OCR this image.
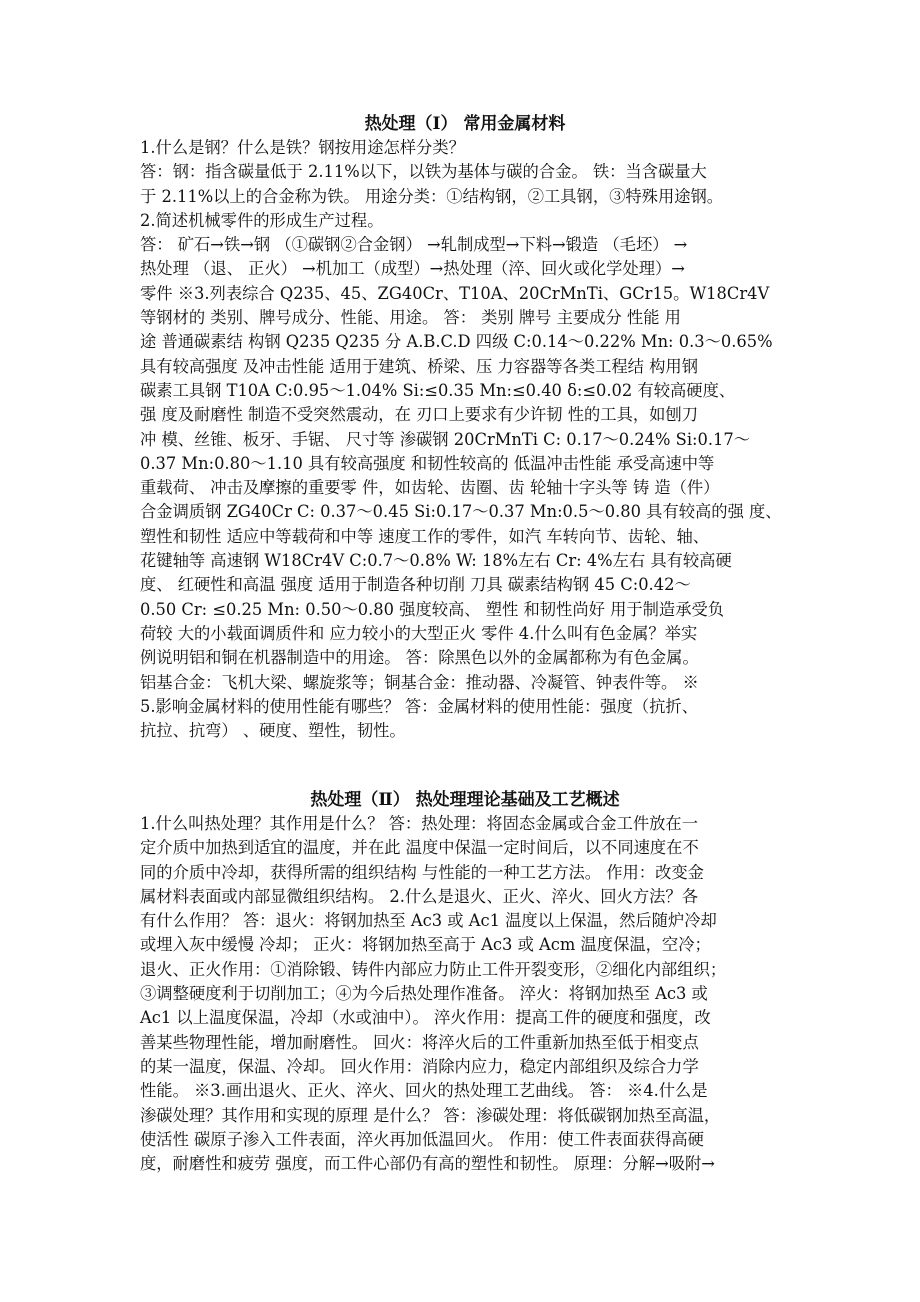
热处理（Ⅰ） 常用金属材料
1.什么是钢？什么是铁？钢按用途怎样分类？
答：钢：指含碳量低于 2.11%以下，以铁为基体与碳的合金。 铁：当含碳量大
于 2.11%以上的合金称为铁。 用途分类：①结构钢，②工具钢，③特殊用途钢。
2.简述机械零件的形成生产过程。
答： 矿石→铁→钢 （①碳钢②合金钢） →轧制成型→下料→锻造 （毛坯） →
热处理 （退、 正火） →机加工（成型）→热处理（淬、回火或化学处理）→
零件 ※3.列表综合 Q235、45、ZG40Cr、T10A、20CrMnTi、GCr15。W18Cr4V
等钢材的 类别、牌号成分、性能、用途。 答： 类别 牌号 主要成分 性能 用
途 普通碳素结 构钢 Q235 Q235 分 A.B.C.D 四级 C:0.14～0.22% Mn: 0.3～0.65%
具有较高强度 及冲击性能 适用于建筑、桥梁、压 力容器等各类工程结 构用钢
碳素工具钢 T10A C:0.95～1.04% Si:≤0.35 Mn:≤0.40 δ:≤0.02 有较高硬度、
强 度及耐磨性 制造不受突然震动，在 刃口上要求有少许韧 性的工具，如刨刀
冲 模、丝锥、板牙、手锯、 尺寸等 渗碳钢 20CrMnTi C: 0.17～0.24% Si:0.17～
0.37 Mn:0.80～1.10 具有较高强度 和韧性较高的 低温冲击性能 承受高速中等
重载荷、 冲击及摩擦的重要零 件，如齿轮、齿圈、齿 轮轴十字头等 铸 造（件）
合金调质钢 ZG40Cr C: 0.37～0.45 Si:0.17～0.37 Mn:0.5～0.80 具有较高的强 度、
塑性和韧性 适应中等载荷和中等 速度工作的零件，如汽 车转向节、齿轮、轴、
花键轴等 高速钢 W18Cr4V C:0.7～0.8% W: 18%左右 Cr: 4%左右 具有较高硬
度、 红硬性和高温 强度 适用于制造各种切削 刀具 碳素结构钢 45 C:0.42～
0.50 Cr: ≤0.25 Mn: 0.50～0.80 强度较高、 塑性 和韧性尚好 用于制造承受负
荷较 大的小载面调质件和 应力较小的大型正火 零件 4.什么叫有色金属？举实
例说明铝和铜在机器制造中的用途。 答：除黑色以外的金属都称为有色金属。
铝基合金：飞机大梁、螺旋浆等；铜基合金：推动器、冷凝管、钟表件等。 ※
5.影响金属材料的使用性能有哪些？ 答：金属材料的使用性能：强度（抗折、
抗拉、抗弯） 、硬度、塑性，韧性。
热处理（Ⅱ） 热处理理论基础及工艺概述
1.什么叫热处理？其作用是什么？ 答：热处理：将固态金属或合金工件放在一
定介质中加热到适宜的温度，并在此 温度中保温一定时间后，以不同速度在不
同的介质中冷却，获得所需的组织结构 与性能的一种工艺方法。 作用：改变金
属材料表面或内部显微组织结构。 2.什么是退火、正火、淬火、回火方法？各
有什么作用？ 答：退火：将钢加热至 Ac3 或 Ac1 温度以上保温，然后随炉冷却
或埋入灰中缓慢 冷却； 正火：将钢加热至高于 Ac3 或 Acm 温度保温，空冷；
退火、正火作用：①消除锻、铸件内部应力防止工件开裂变形，②细化内部组织；
③调整硬度利于切削加工；④为今后热处理作准备。 淬火：将钢加热至 Ac3 或
Ac1 以上温度保温，冷却（水或油中）。 淬火作用：提高工件的硬度和强度，改
善某些物理性能，增加耐磨性。 回火：将淬火后的工件重新加热至低于相变点
的某一温度，保温、冷却。 回火作用：消除内应力，稳定内部组织及综合力学
性能。 ※3.画出退火、正火、淬火、回火的热处理工艺曲线。 答： ※4.什么是
渗碳处理？其作用和实现的原理 是什么？ 答：渗碳处理：将低碳钢加热至高温，
使活性 碳原子渗入工件表面，淬火再加低温回火。 作用：使工件表面获得高硬
度，耐磨性和疲劳 强度，而工件心部仍有高的塑性和韧性。 原理：分解→吸附→
